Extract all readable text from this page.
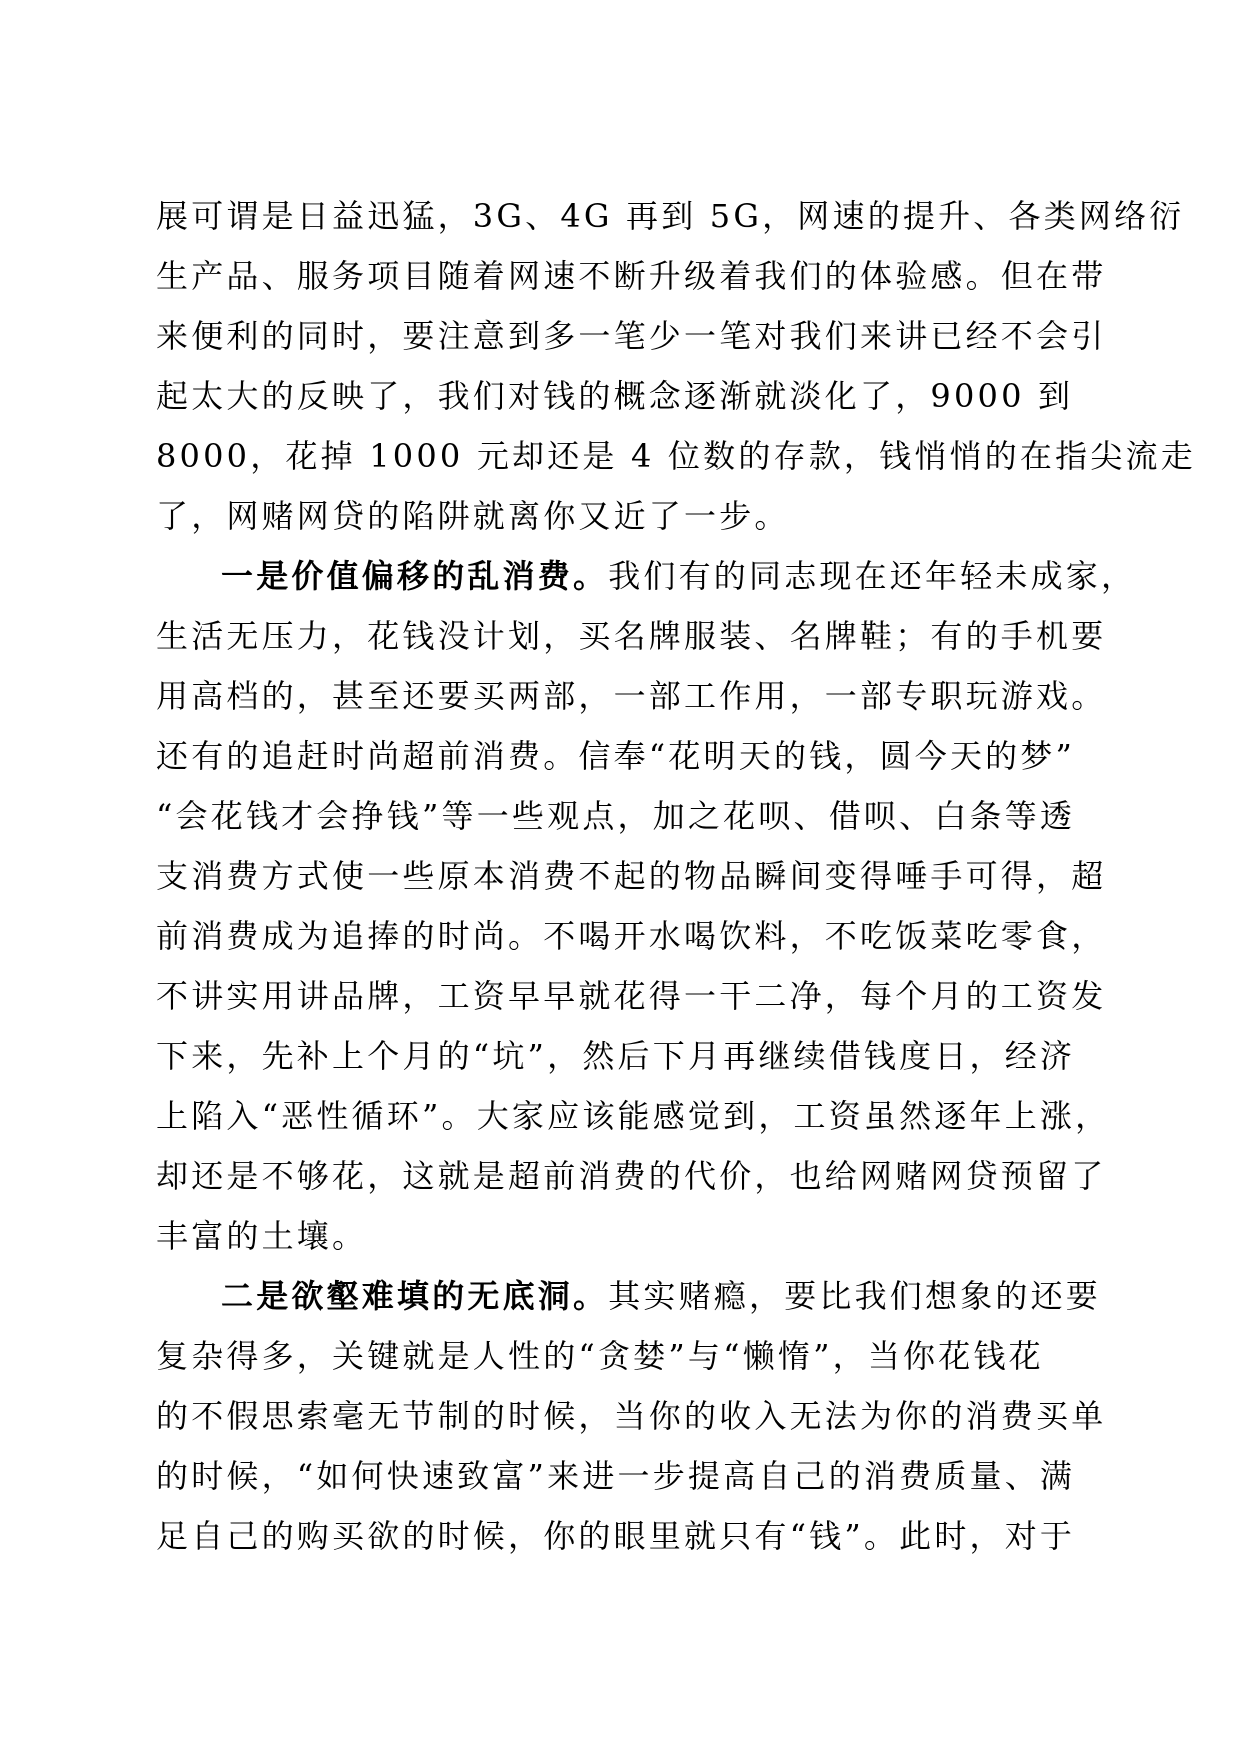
展可谓是日益迅猛，3G、4G 再到 5G，网速的提升、各类网络衍
生产品、服务项目随着网速不断升级着我们的体验感。但在带
来便利的同时，要注意到多一笔少一笔对我们来讲已经不会引
起太大的反映了，我们对钱的概念逐渐就淡化了，9000 到
8000，花掉 1000 元却还是 4 位数的存款，钱悄悄的在指尖流走
了，网赌网贷的陷阱就离你又近了一步。
一是价值偏移的乱消费。我们有的同志现在还年轻未成家，
生活无压力，花钱没计划，买名牌服装、名牌鞋；有的手机要
用高档的，甚至还要买两部，一部工作用，一部专职玩游戏。
还有的追赶时尚超前消费。信奉“花明天的钱，圆今天的梦”
“会花钱才会挣钱”等一些观点，加之花呗、借呗、白条等透
支消费方式使一些原本消费不起的物品瞬间变得唾手可得，超
前消费成为追捧的时尚。不喝开水喝饮料，不吃饭菜吃零食，
不讲实用讲品牌，工资早早就花得一干二净，每个月的工资发
下来，先补上个月的“坑”，然后下月再继续借钱度日，经济
上陷入“恶性循环”。大家应该能感觉到，工资虽然逐年上涨，
却还是不够花，这就是超前消费的代价，也给网赌网贷预留了
丰富的土壤。
二是欲壑难填的无底洞。其实赌瘾，要比我们想象的还要
复杂得多，关键就是人性的“贪婪”与“懒惰”，当你花钱花
的不假思索毫无节制的时候，当你的收入无法为你的消费买单
的时候，“如何快速致富”来进一步提高自己的消费质量、满
足自己的购买欲的时候，你的眼里就只有“钱”。此时，对于
